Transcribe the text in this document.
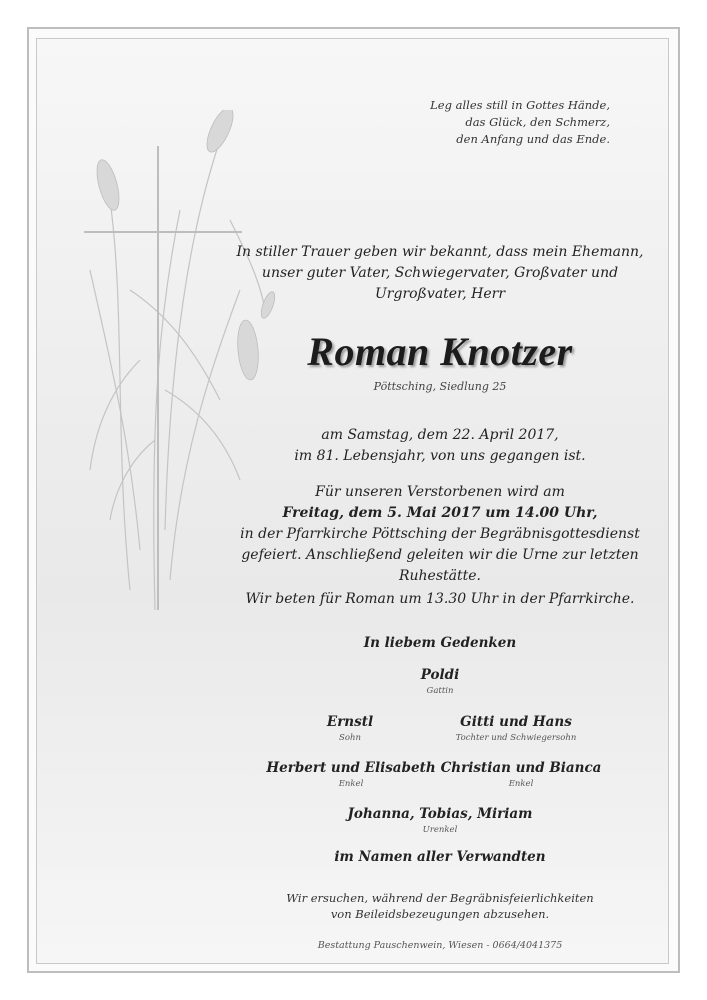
Leg alles still in Gottes Hände,
das Glück, den Schmerz,
den Anfang und das Ende.
In stiller Trauer geben wir bekannt, dass mein Ehemann,
unser guter Vater, Schwiegervater, Großvater und
Urgroßvater, Herr
Roman Knotzer
Pöttsching, Siedlung 25
am Samstag, dem 22. April 2017,
im 81. Lebensjahr, von uns gegangen ist.
Für unseren Verstorbenen wird am
Freitag, dem 5. Mai 2017 um 14.00 Uhr,
in der Pfarrkirche Pöttsching der Begräbnisgottesdienst
gefeiert. Anschließend geleiten wir die Urne zur letzten
Ruhestätte.
Wir beten für Roman um 13.30 Uhr in der Pfarrkirche.
In liebem Gedenken
Poldi
Gattin
Ernstl
Sohn
Gitti und Hans
Tochter und Schwiegersohn
Herbert und Elisabeth
Enkel
Christian und Bianca
Enkel
Johanna, Tobias, Miriam
Urenkel
im Namen aller Verwandten
Wir ersuchen, während der Begräbnisfeierlichkeiten
von Beileidsbezeugungen abzusehen.
Bestattung Pauschenwein, Wiesen - 0664/4041375
